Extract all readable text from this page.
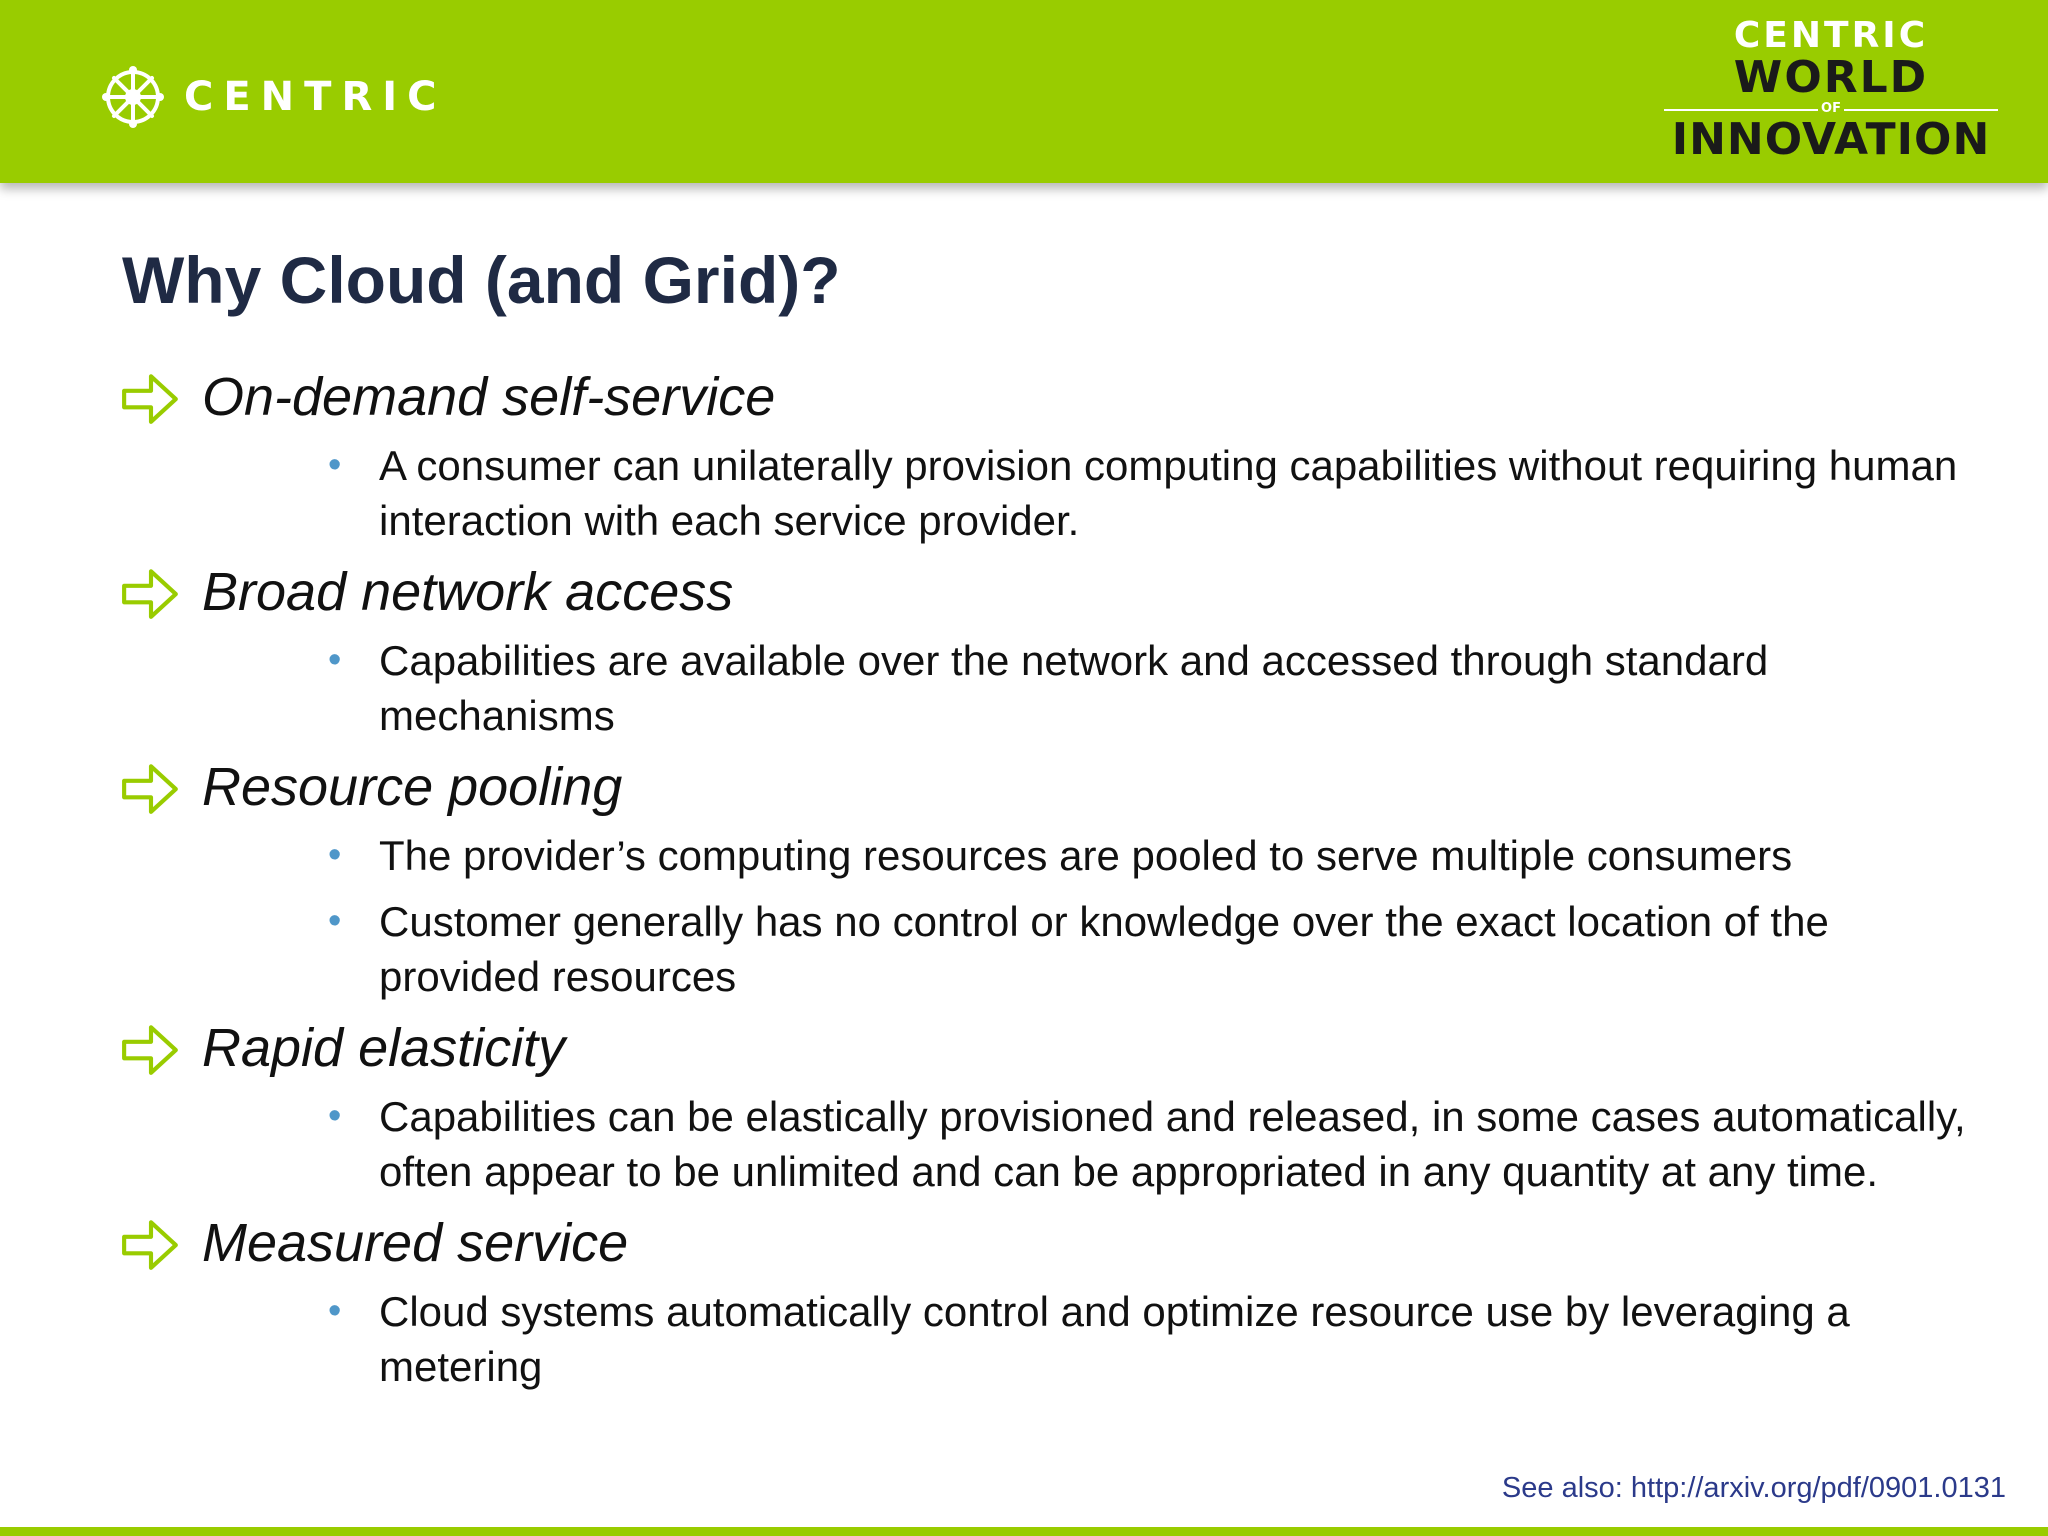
CENTRIC
CENTRIC
WORLD
OF
INNOVATION
Why Cloud (and Grid)?
On-demand self-service
• A consumer can unilaterally provision computing capabilities without requiring human interaction with each service provider.
Broad network access
• Capabilities are available over the network and accessed through standard mechanisms
Resource pooling
• The provider’s computing resources are pooled to serve multiple consumers
• Customer generally has no control or knowledge over the exact location of the provided resources
Rapid elasticity
• Capabilities can be elastically provisioned and released, in some cases automatically, often appear to be unlimited and can be appropriated in any quantity at any time.
Measured service
• Cloud systems automatically control and optimize resource use by leveraging a metering
See also: http://arxiv.org/pdf/0901.0131
